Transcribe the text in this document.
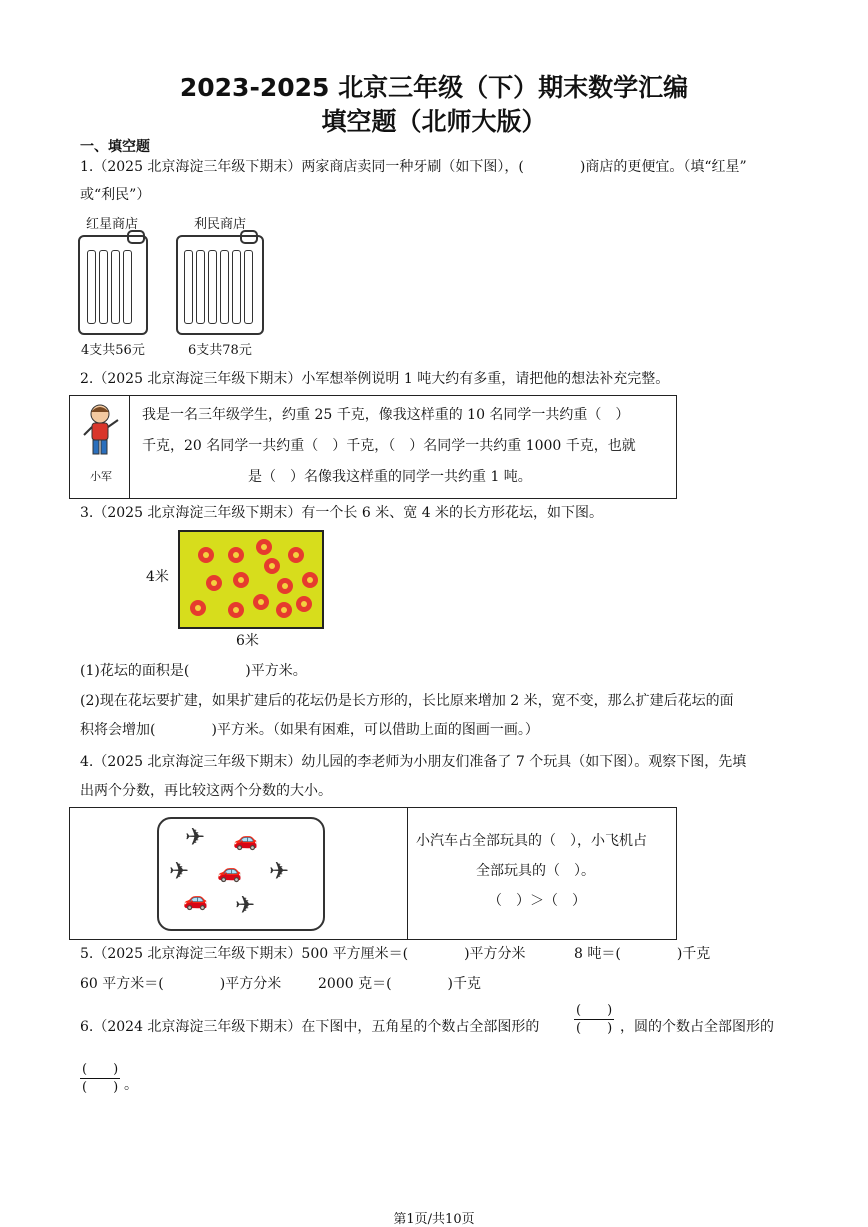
2023-2025 北京三年级（下）期末数学汇编
填空题（北师大版）
一、填空题
1.（2025 北京海淀三年级下期末）两家商店卖同一种牙刷（如下图），(　　　　)商店的更便宜。（填“红星”
或“利民”）
红星商店	利民商店
4支共56元	6支共78元
2.（2025 北京海淀三年级下期末）小军想举例说明 1 吨大约有多重，请把他的想法补充完整。
小军
我是一名三年级学生，约重 25 千克，像我这样重的 10 名同学一共约重（　）
千克，20 名同学一共约重（　）千克，（　）名同学一共约重 1000 千克，也就
是（　）名像我这样重的同学一共约重 1 吨。
3.（2025 北京海淀三年级下期末）有一个长 6 米、宽 4 米的长方形花坛，如下图。
4米
6米
(1)花坛的面积是(　　　　)平方米。
(2)现在花坛要扩建，如果扩建后的花坛仍是长方形的，长比原来增加 2 米，宽不变，那么扩建后花坛的面
积将会增加(　　　　)平方米。（如果有困难，可以借助上面的图画一画。）
4.（2025 北京海淀三年级下期末）幼儿园的李老师为小朋友们准备了 7 个玩具（如下图）。观察下图，先填
出两个分数，再比较这两个分数的大小。
✈ 🚗
✈ 🚗 ✈
🚗 ✈
小汽车占全部玩具的（　），小飞机占
全部玩具的（　）。
（　）＞（　）
5.（2025 北京海淀三年级下期末）500 平方厘米＝(　　　　)平方分米	8 吨＝(　　　　)千克
60 平方米＝(　　　　)平方分米	2000 克＝(　　　　)千克
6.（2024 北京海淀三年级下期末）在下图中，五角星的个数占全部图形的
(　　)
(　　) ，圆的个数占全部图形的
(　　)
(　　) 。
第1页/共10页
